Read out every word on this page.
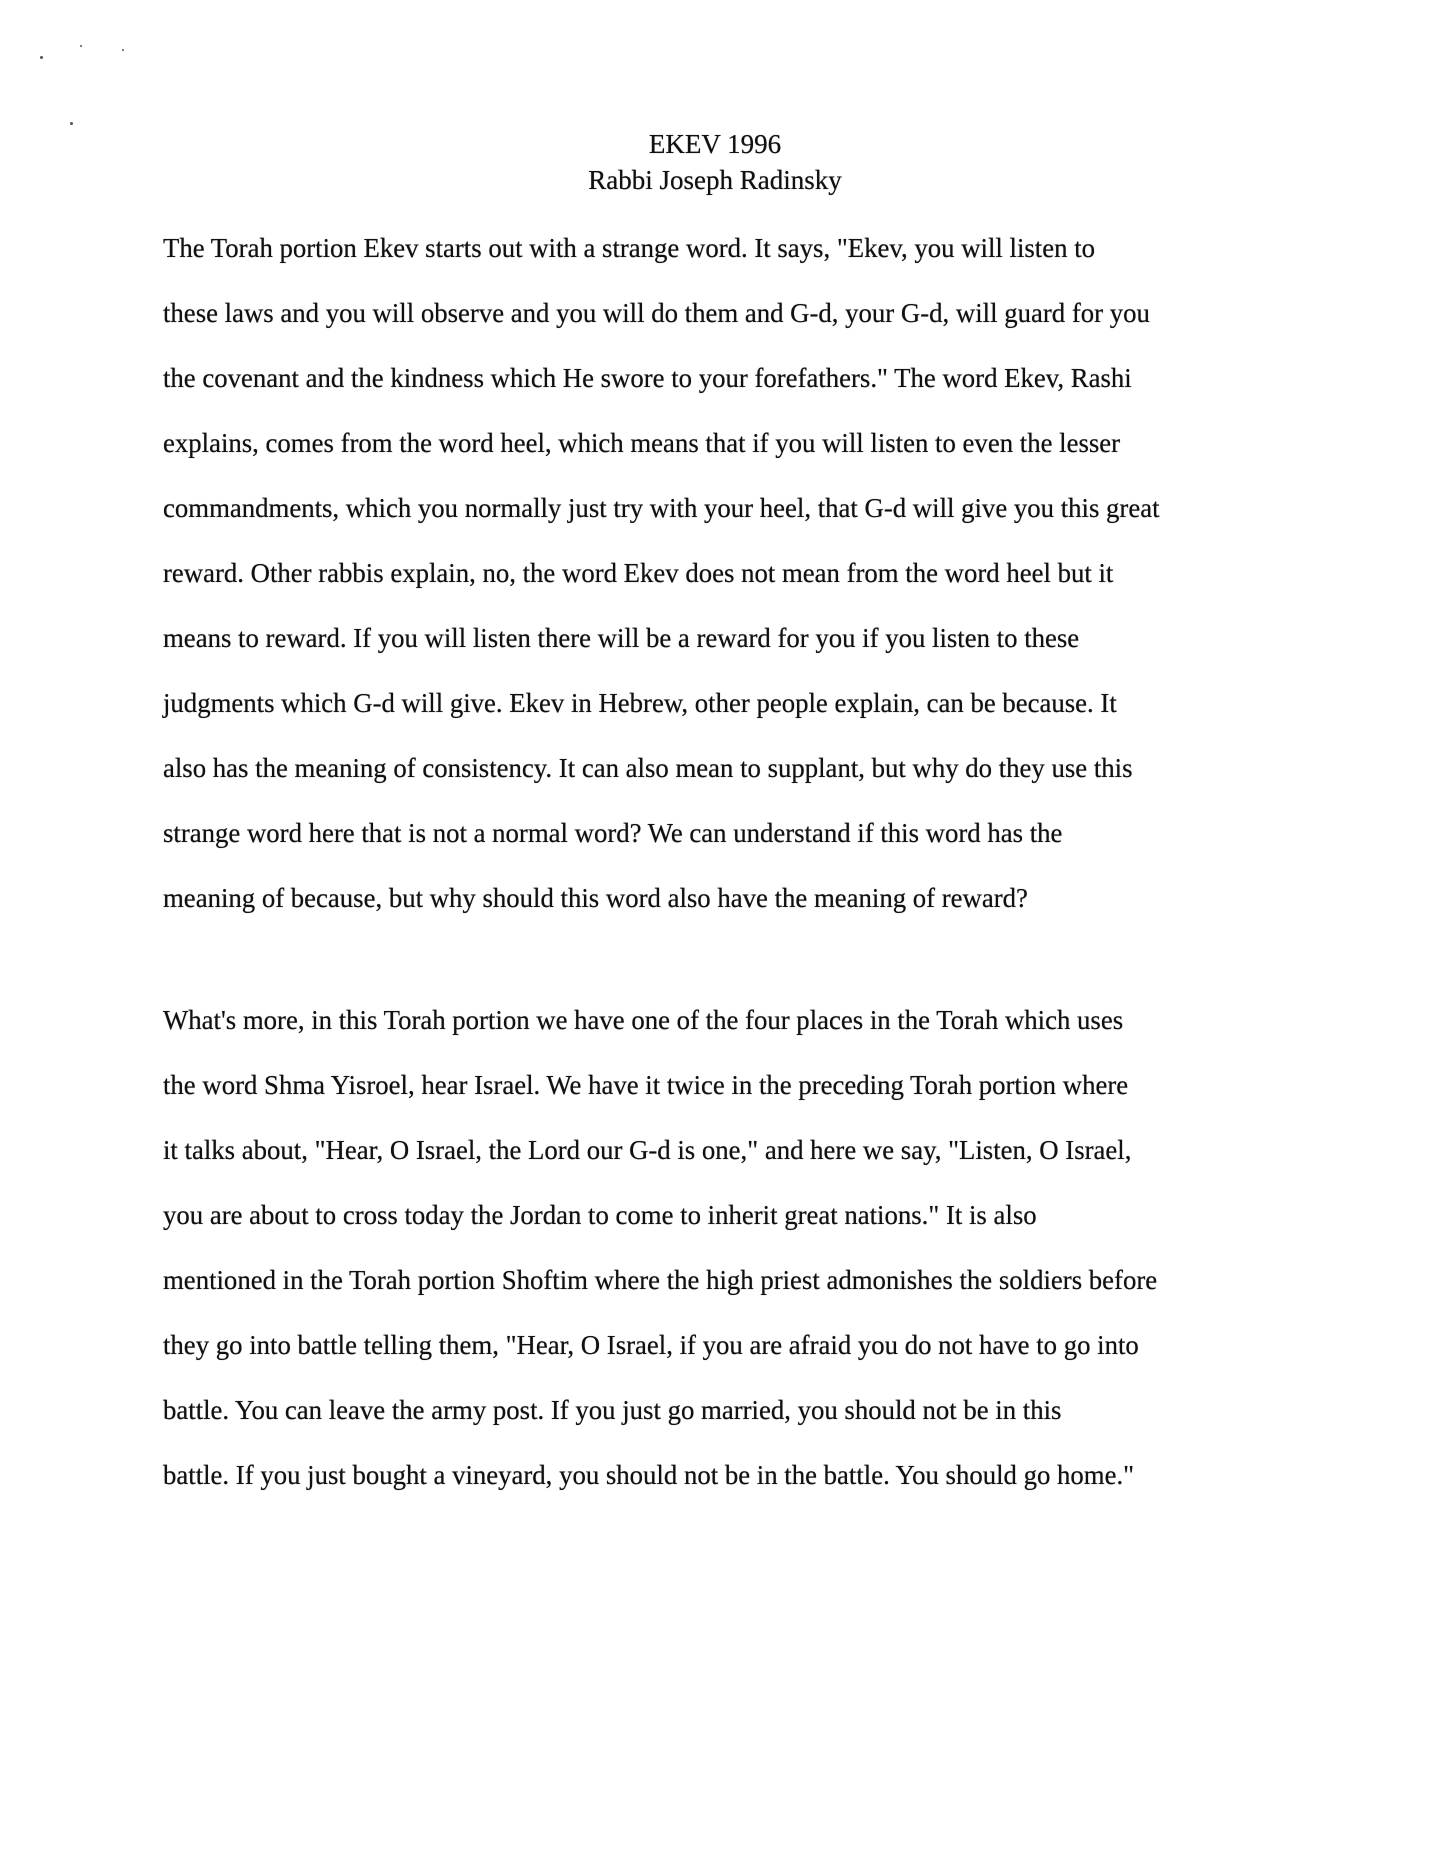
EKEV 1996
Rabbi Joseph Radinsky
The Torah portion Ekev starts out with a strange word. It says, "Ekev, you will listen to
these laws and you will observe and you will do them and G-d, your G-d, will guard for you
the covenant and the kindness which He swore to your forefathers." The word Ekev, Rashi
explains, comes from the word heel, which means that if you will listen to even the lesser
commandments, which you normally just try with your heel, that G-d will give you this great
reward. Other rabbis explain, no, the word Ekev does not mean from the word heel but it
means to reward. If you will listen there will be a reward for you if you listen to these
judgments which G-d will give. Ekev in Hebrew, other people explain, can be because. It
also has the meaning of consistency. It can also mean to supplant, but why do they use this
strange word here that is not a normal word? We can understand if this word has the
meaning of because, but why should this word also have the meaning of reward?
What's more, in this Torah portion we have one of the four places in the Torah which uses
the word Shma Yisroel, hear Israel. We have it twice in the preceding Torah portion where
it talks about, "Hear, O Israel, the Lord our G-d is one," and here we say, "Listen, O Israel,
you are about to cross today the Jordan to come to inherit great nations." It is also
mentioned in the Torah portion Shoftim where the high priest admonishes the soldiers before
they go into battle telling them, "Hear, O Israel, if you are afraid you do not have to go into
battle. You can leave the army post. If you just go married, you should not be in this
battle. If you just bought a vineyard, you should not be in the battle. You should go home."
